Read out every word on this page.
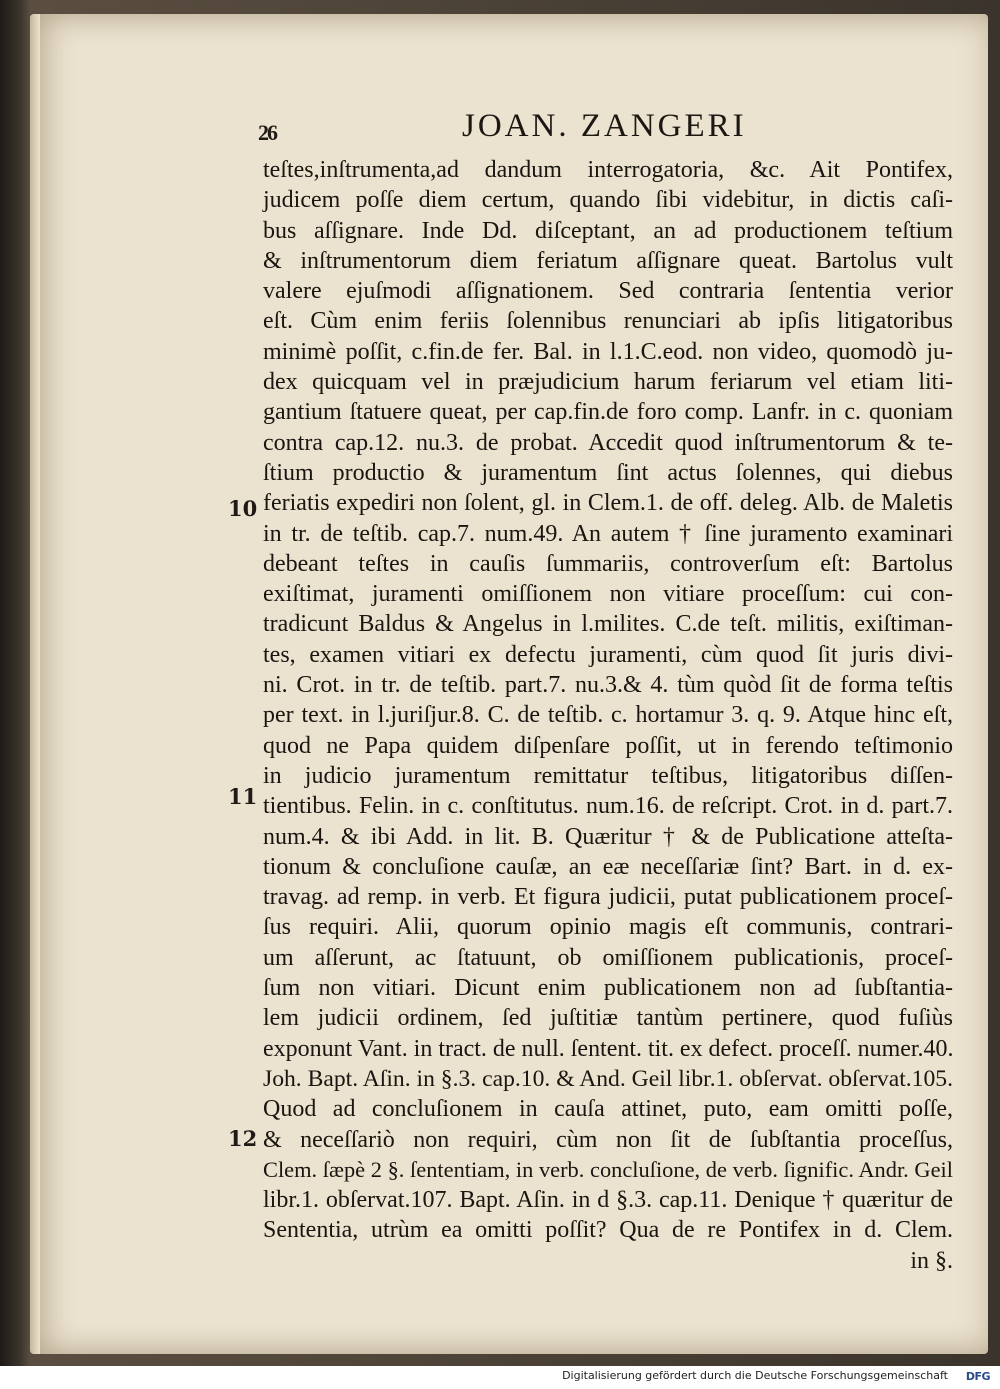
26	JOAN. ZANGERI
10
11
12
teſtes,inſtrumenta,ad dandum interrogatoria, &c. Ait Pontifex,
judicem poſſe diem certum, quando ſibi videbitur, in dictis caſi-
bus aſſignare. Inde Dd. diſceptant, an ad productionem teſtium
& inſtrumentorum diem feriatum aſſignare queat. Bartolus vult
valere ejuſmodi aſſignationem. Sed contraria ſententia verior
eſt. Cùm enim feriis ſolennibus renunciari ab ipſis litigatoribus
minimè poſſit, c.fin.de fer. Bal. in l.1.C.eod. non video, quomodò ju-
dex quicquam vel in præjudicium harum feriarum vel etiam liti-
gantium ſtatuere queat, per cap.fin.de foro comp. Lanfr. in c. quoniam
contra cap.12. nu.3. de probat. Accedit quod inſtrumentorum & te-
ſtium productio & juramentum ſint actus ſolennes, qui diebus
feriatis expediri non ſolent, gl. in Clem.1. de off. deleg. Alb. de Maletis
in tr. de teſtib. cap.7. num.49. An autem † ſine juramento examinari
debeant teſtes in cauſis ſummariis, controverſum eſt: Bartolus
exiſtimat, juramenti omiſſionem non vitiare proceſſum: cui con-
tradicunt Baldus & Angelus in l.milites. C.de teſt. militis, exiſtiman-
tes, examen vitiari ex defectu juramenti, cùm quod ſit juris divi-
ni. Crot. in tr. de teſtib. part.7. nu.3.& 4. tùm quòd ſit de forma teſtis
per text. in l.juriſjur.8. C. de teſtib. c. hortamur 3. q. 9. Atque hinc eſt,
quod ne Papa quidem diſpenſare poſſit, ut in ferendo teſtimonio
in judicio juramentum remittatur teſtibus, litigatoribus diſſen-
tientibus. Felin. in c. conſtitutus. num.16. de reſcript. Crot. in d. part.7.
num.4. & ibi Add. in lit. B. Quæritur † & de Publicatione atteſta-
tionum & concluſione cauſæ, an eæ neceſſariæ ſint? Bart. in d. ex-
travag. ad remp. in verb. Et figura judicii, putat publicationem proceſ-
ſus requiri. Alii, quorum opinio magis eſt communis, contrari-
um aſſerunt, ac ſtatuunt, ob omiſſionem publicationis, proceſ-
ſum non vitiari. Dicunt enim publicationem non ad ſubſtantia-
lem judicii ordinem, ſed juſtitiæ tantùm pertinere, quod fuſiùs
exponunt Vant. in tract. de null. ſentent. tit. ex defect. proceſſ. numer.40.
Joh. Bapt. Aſin. in §.3. cap.10. & And. Geil libr.1. obſervat. obſervat.105.
Quod ad concluſionem in cauſa attinet, puto, eam omitti poſſe,
& neceſſariò non requiri, cùm non ſit de ſubſtantia proceſſus,
Clem. ſæpè 2 §. ſententiam, in verb. concluſione, de verb. ſignific. Andr. Geil
libr.1. obſervat.107. Bapt. Aſin. in d §.3. cap.11. Denique † quæritur de
Sententia, utrùm ea omitti poſſit? Qua de re Pontifex in d. Clem.
in §.
Digitalisierung gefördert durch die Deutsche Forschungsgemeinschaft DFG
